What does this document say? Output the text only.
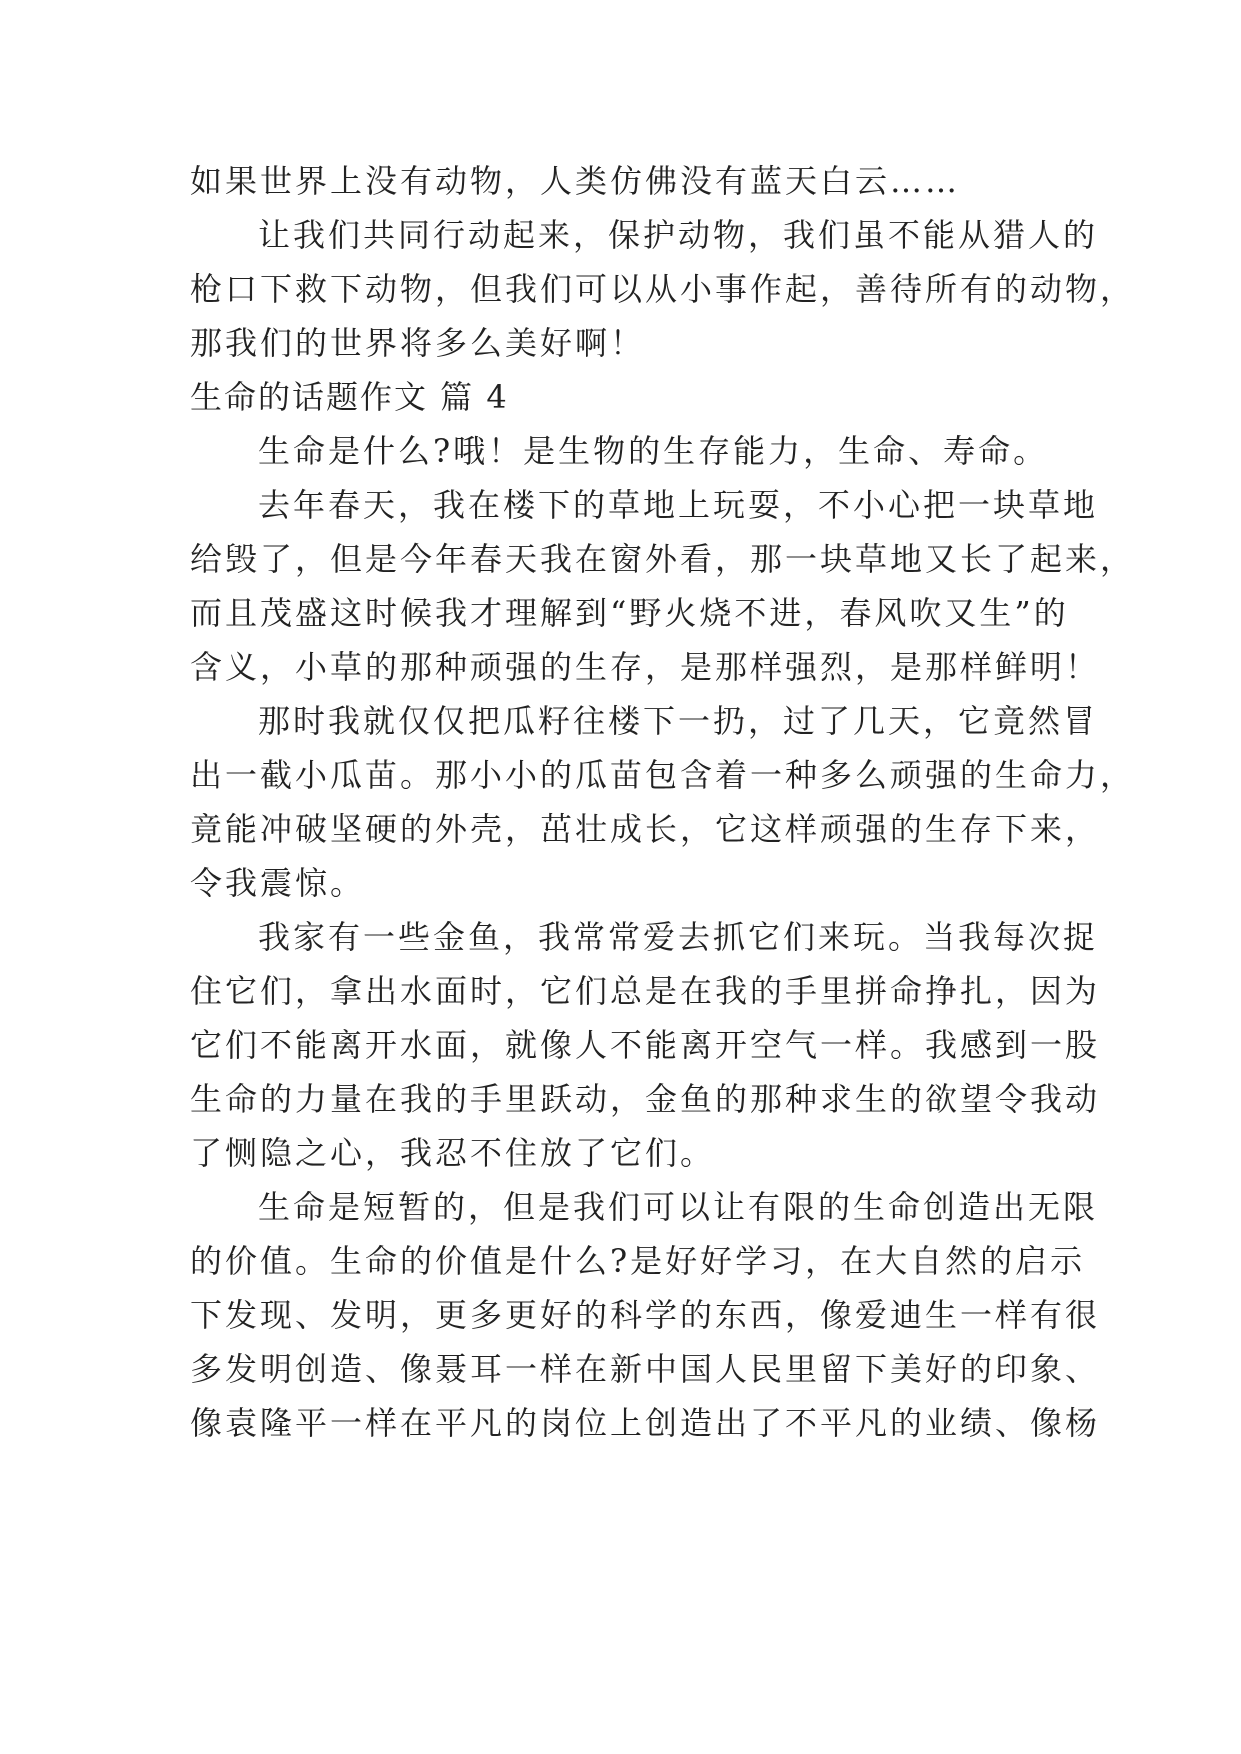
如果世界上没有动物，人类仿佛没有蓝天白云……
让我们共同行动起来，保护动物，我们虽不能从猎人的
枪口下救下动物，但我们可以从小事作起，善待所有的动物，
那我们的世界将多么美好啊！
生命的话题作文 篇 4
生命是什么?哦！是生物的生存能力，生命、寿命。
去年春天，我在楼下的草地上玩耍，不小心把一块草地
给毁了，但是今年春天我在窗外看，那一块草地又长了起来，
而且茂盛这时候我才理解到“野火烧不进，春风吹又生”的
含义，小草的那种顽强的生存，是那样强烈，是那样鲜明！
那时我就仅仅把瓜籽往楼下一扔，过了几天，它竟然冒
出一截小瓜苗。那小小的瓜苗包含着一种多么顽强的生命力，
竟能冲破坚硬的外壳，茁壮成长，它这样顽强的生存下来，
令我震惊。
我家有一些金鱼，我常常爱去抓它们来玩。当我每次捉
住它们，拿出水面时，它们总是在我的手里拼命挣扎，因为
它们不能离开水面，就像人不能离开空气一样。我感到一股
生命的力量在我的手里跃动，金鱼的那种求生的欲望令我动
了恻隐之心，我忍不住放了它们。
生命是短暂的，但是我们可以让有限的生命创造出无限
的价值。生命的价值是什么?是好好学习，在大自然的启示
下发现、发明，更多更好的科学的东西，像爱迪生一样有很
多发明创造、像聂耳一样在新中国人民里留下美好的印象、
像袁隆平一样在平凡的岗位上创造出了不平凡的业绩、像杨
